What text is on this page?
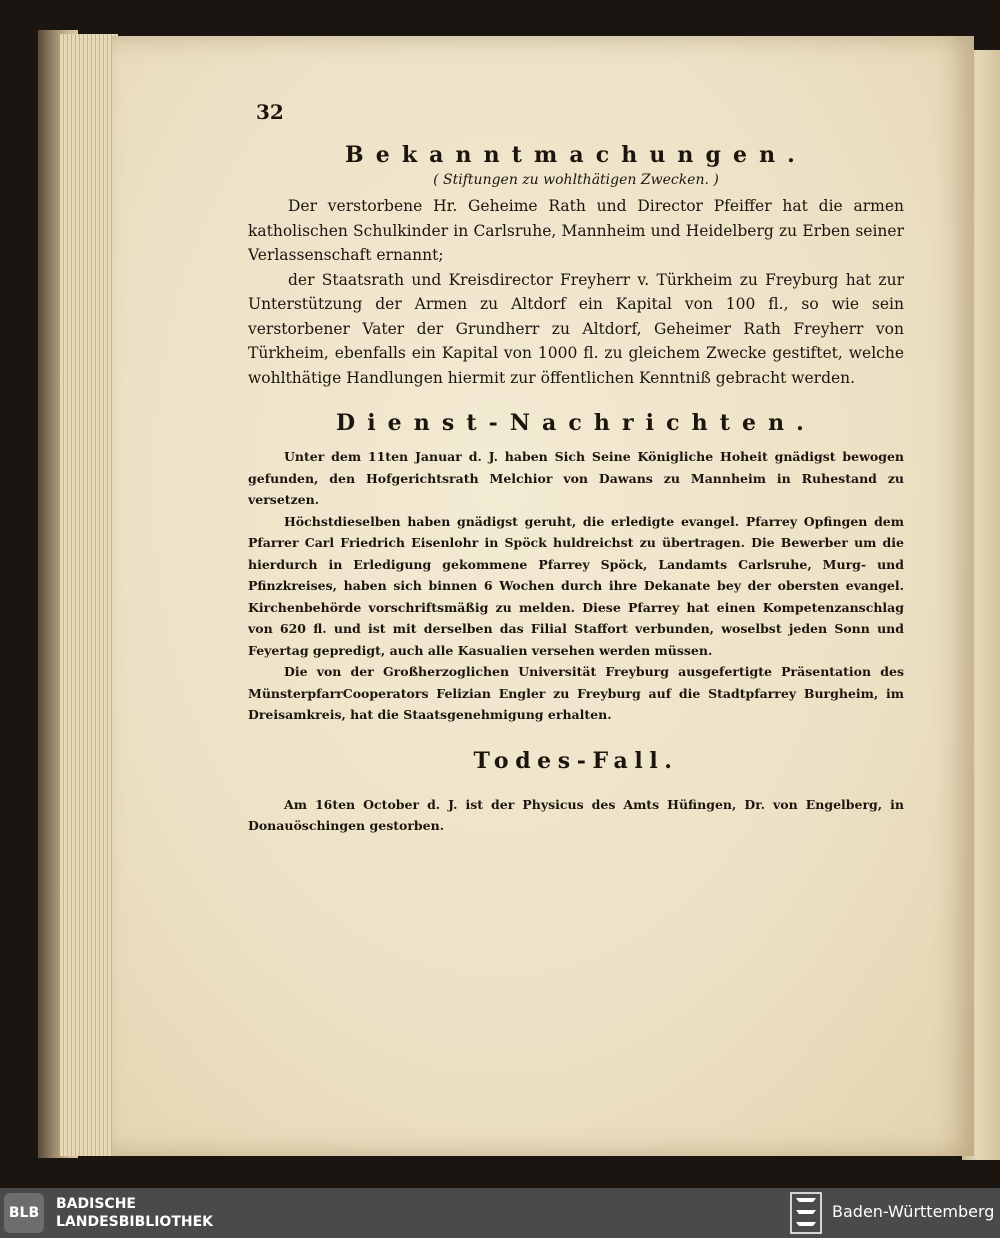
32
Bekanntmachungen.
( Stiftungen zu wohlthätigen Zwecken. )

Der verstorbene Hr. Geheime Rath und Director Pfeiffer hat die armen katholischen Schulkinder in Carlsruhe, Mannheim und Heidelberg zu Erben seiner Verlassenschaft ernannt;

der Staatsrath und Kreisdirector Freyherr v. Türkheim zu Freyburg hat zur Unterstützung der Armen zu Altdorf ein Kapital von 100 fl., so wie sein verstorbener Vater der Grundherr zu Altdorf, Geheimer Rath Freyherr von Türkheim, ebenfalls ein Kapital von 1000 fl. zu gleichem Zwecke gestiftet, welche wohlthätige Handlungen hiermit zur öffentlichen Kenntniß gebracht werden.

Dienst-Nachrichten.

Unter dem 11ten Januar d. J. haben Sich Seine Königliche Hoheit gnädigst bewogen gefunden, den Hofgerichtsrath Melchior von Dawans zu Mannheim in Ruhestand zu versetzen.

Höchstdieselben haben gnädigst geruht, die erledigte evangel. Pfarrey Opfingen dem Pfarrer Carl Friedrich Eisenlohr in Spöck huldreichst zu übertragen. Die Bewerber um die hierdurch in Erledigung gekommene Pfarrey Spöck, Landamts Carlsruhe, Murg- und Pfinzkreises, haben sich binnen 6 Wochen durch ihre Dekanate bey der obersten evangel. Kirchenbehörde vorschriftsmäßig zu melden. Diese Pfarrey hat einen Kompetenzanschlag von 620 fl. und ist mit derselben das Filial Staffort verbunden, woselbst jeden Sonn und Feyertag gepredigt, auch alle Kasualien versehen werden müssen.

Die von der Großherzoglichen Universität Freyburg ausgefertigte Präsentation des MünsterpfarrCooperators Felizian Engler zu Freyburg auf die Stadtpfarrey Burgheim, im Dreisamkreis, hat die Staatsgenehmigung erhalten.

Todes-Fall.

Am 16ten October d. J. ist der Physicus des Amts Hüfingen, Dr. von Engelberg, in Donauöschingen gestorben.

BLB
BADISCHE
LANDESBIBLIOTHEK
Baden-Württemberg
